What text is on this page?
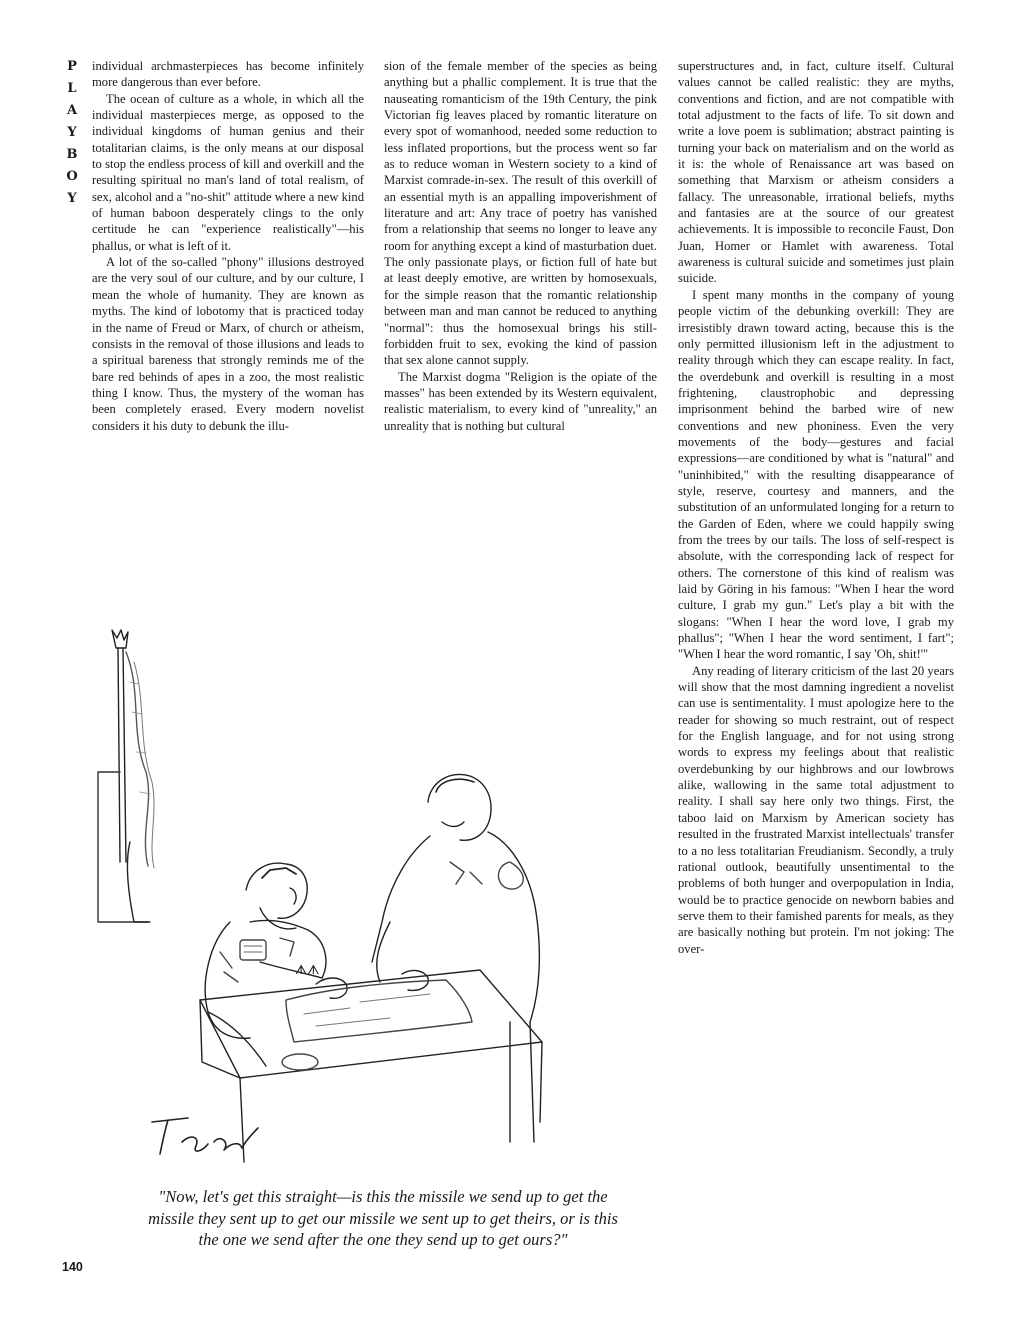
P
L
A
Y
B
O
Y

individual archmasterpieces has become infinitely more dangerous than ever before.

The ocean of culture as a whole, in which all the individual masterpieces merge, as opposed to the individual kingdoms of human genius and their totalitarian claims, is the only means at our disposal to stop the endless process of kill and overkill and the resulting spiritual no man's land of total realism, of sex, alcohol and a "no-shit" attitude where a new kind of human baboon desperately clings to the only certitude he can "experience realistically"—his phallus, or what is left of it.

A lot of the so-called "phony" illusions destroyed are the very soul of our culture, and by our culture, I mean the whole of humanity. They are known as myths. The kind of lobotomy that is practiced today in the name of Freud or Marx, of church or atheism, consists in the removal of those illusions and leads to a spiritual bareness that strongly reminds me of the bare red behinds of apes in a zoo, the most realistic thing I know. Thus, the mystery of the woman has been completely erased. Every modern novelist considers it his duty to debunk the illu-

sion of the female member of the species as being anything but a phallic complement. It is true that the nauseating romanticism of the 19th Century, the pink Victorian fig leaves placed by romantic literature on every spot of womanhood, needed some reduction to less inflated proportions, but the process went so far as to reduce woman in Western society to a kind of Marxist comrade-in-sex. The result of this overkill of an essential myth is an appalling impoverishment of literature and art: Any trace of poetry has vanished from a relationship that seems no longer to leave any room for anything except a kind of masturbation duet. The only passionate plays, or fiction full of hate but at least deeply emotive, are written by homosexuals, for the simple reason that the romantic relationship between man and man cannot be reduced to anything "normal": thus the homosexual brings his still-forbidden fruit to sex, evoking the kind of passion that sex alone cannot supply.

The Marxist dogma "Religion is the opiate of the masses" has been extended by its Western equivalent, realistic materialism, to every kind of "unreality," an unreality that is nothing but cultural

superstructures and, in fact, culture itself. Cultural values cannot be called realistic: they are myths, conventions and fiction, and are not compatible with total adjustment to the facts of life. To sit down and write a love poem is sublimation; abstract painting is turning your back on materialism and on the world as it is: the whole of Renaissance art was based on something that Marxism or atheism considers a fallacy. The unreasonable, irrational beliefs, myths and fantasies are at the source of our greatest achievements. It is impossible to reconcile Faust, Don Juan, Homer or Hamlet with awareness. Total awareness is cultural suicide and sometimes just plain suicide.

I spent many months in the company of young people victim of the debunking overkill: They are irresistibly drawn toward acting, because this is the only permitted illusionism left in the adjustment to reality through which they can escape reality. In fact, the overdebunk and overkill is resulting in a most frightening, claustrophobic and depressing imprisonment behind the barbed wire of new conventions and new phoniness. Even the very movements of the body—gestures and facial expressions—are conditioned by what is "natural" and "uninhibited," with the resulting disappearance of style, reserve, courtesy and manners, and the substitution of an unformulated longing for a return to the Garden of Eden, where we could happily swing from the trees by our tails. The loss of self-respect is absolute, with the corresponding lack of respect for others. The cornerstone of this kind of realism was laid by Göring in his famous: "When I hear the word culture, I grab my gun." Let's play a bit with the slogans: "When I hear the word love, I grab my phallus"; "When I hear the word sentiment, I fart"; "When I hear the word romantic, I say 'Oh, shit!'"

Any reading of literary criticism of the last 20 years will show that the most damning ingredient a novelist can use is sentimentality. I must apologize here to the reader for showing so much restraint, out of respect for the English language, and for not using strong words to express my feelings about that realistic overdebunking by our highbrows and our lowbrows alike, wallowing in the same total adjustment to reality. I shall say here only two things. First, the taboo laid on Marxism by American society has resulted in the frustrated Marxist intellectuals' transfer to a no less totalitarian Freudianism. Secondly, a truly rational outlook, beautifully unsentimental to the problems of both hunger and overpopulation in India, would be to practice genocide on newborn babies and serve them to their famished parents for meals, as they are basically nothing but protein. I'm not joking: The over-

ᗑᗑ
"Now, let's get this straight—is this the missile we send up to get the missile they sent up to get our missile we sent up to get theirs, or is this the one we send after the one they send up to get ours?"
140
